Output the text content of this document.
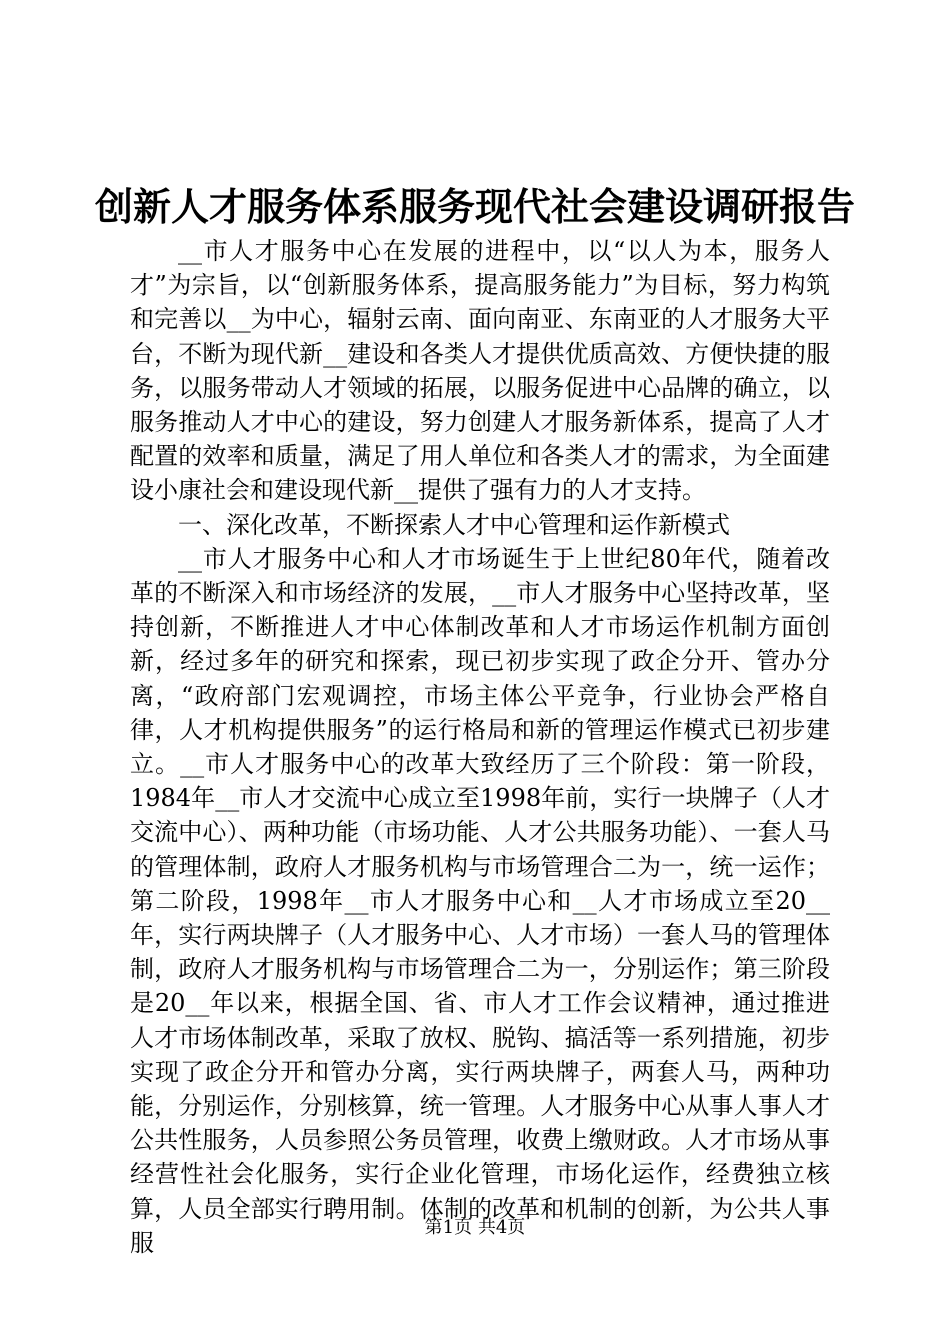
创新人才服务体系服务现代社会建设调研报告

__市人才服务中心在发展的进程中，以“以人为本，服务人才”为宗旨，以“创新服务体系，提高服务能力”为目标，努力构筑和完善以__为中心，辐射云南、面向南亚、东南亚的人才服务大平台，不断为现代新__建设和各类人才提供优质高效、方便快捷的服务，以服务带动人才领域的拓展，以服务促进中心品牌的确立，以服务推动人才中心的建设，努力创建人才服务新体系，提高了人才配置的效率和质量，满足了用人单位和各类人才的需求，为全面建设小康社会和建设现代新__提供了强有力的人才支持。

一、深化改革，不断探索人才中心管理和运作新模式

__市人才服务中心和人才市场诞生于上世纪80年代，随着改革的不断深入和市场经济的发展，__市人才服务中心坚持改革，坚持创新，不断推进人才中心体制改革和人才市场运作机制方面创新，经过多年的研究和探索，现已初步实现了政企分开、管办分离，“政府部门宏观调控，市场主体公平竞争，行业协会严格自律，人才机构提供服务”的运行格局和新的管理运作模式已初步建立。__市人才服务中心的改革大致经历了三个阶段：第一阶段，1984年__市人才交流中心成立至1998年前，实行一块牌子（人才交流中心）、两种功能（市场功能、人才公共服务功能）、一套人马的管理体制，政府人才服务机构与市场管理合二为一，统一运作；第二阶段，1998年__市人才服务中心和__人才市场成立至20__年，实行两块牌子（人才服务中心、人才市场）一套人马的管理体制，政府人才服务机构与市场管理合二为一，分别运作；第三阶段是20__年以来，根据全国、省、市人才工作会议精神，通过推进人才市场体制改革，采取了放权、脱钩、搞活等一系列措施，初步实现了政企分开和管办分离，实行两块牌子，两套人马，两种功能，分别运作，分别核算，统一管理。人才服务中心从事人事人才公共性服务，人员参照公务员管理，收费上缴财政。人才市场从事经营性社会化服务，实行企业化管理，市场化运作，经费独立核算，人员全部实行聘用制。体制的改革和机制的创新，为公共人事服

第1页 共4页
